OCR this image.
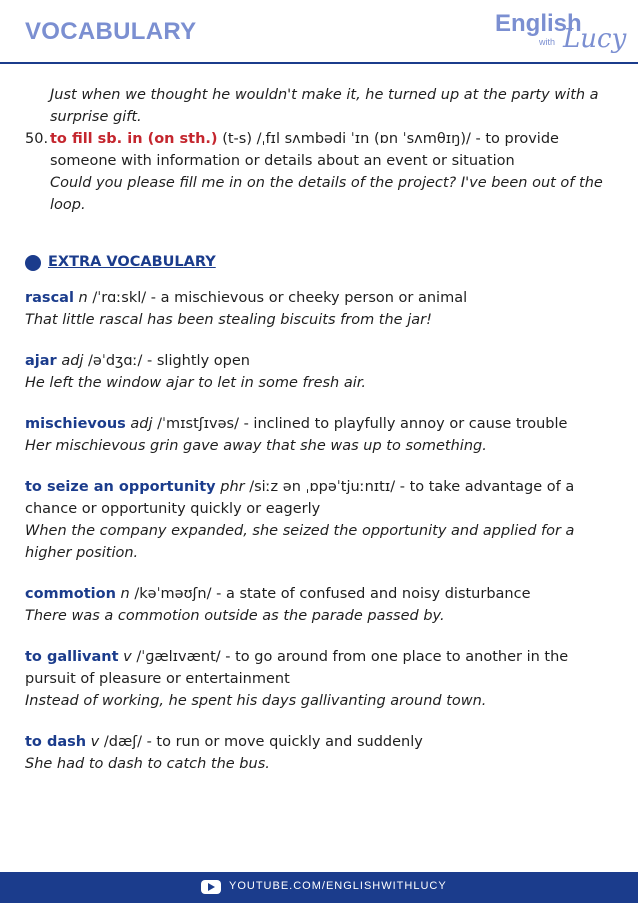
VOCABULARY	English
with Lucy
Just when we thought he wouldn't make it, he turned up at the party with a surprise gift.
50. to fill sb. in (on sth.) (t-s) /ˌfɪl sʌmbədi ˈɪn (ɒn ˈsʌmθɪŋ)/ - to provide someone with information or details about an event or situation
Could you please fill me in on the details of the project? I've been out of the loop.
EXTRA VOCABULARY
rascal n /ˈrɑːskl/ - a mischievous or cheeky person or animal
That little rascal has been stealing biscuits from the jar!
ajar adj /əˈdʒɑː/ - slightly open
He left the window ajar to let in some fresh air.
mischievous adj /ˈmɪstʃɪvəs/ - inclined to playfully annoy or cause trouble
Her mischievous grin gave away that she was up to something.
to seize an opportunity phr /siːz ən ˌɒpəˈtjuːnɪtɪ/ - to take advantage of a chance or opportunity quickly or eagerly
When the company expanded, she seized the opportunity and applied for a higher position.
commotion n /kəˈməʊʃn/ - a state of confused and noisy disturbance
There was a commotion outside as the parade passed by.
to gallivant v /ˈɡælɪvænt/ - to go around from one place to another in the pursuit of pleasure or entertainment
Instead of working, he spent his days gallivanting around town.
to dash v /dæʃ/ - to run or move quickly and suddenly
She had to dash to catch the bus.
YOUTUBE.COM/ENGLISHWITHLUCY
